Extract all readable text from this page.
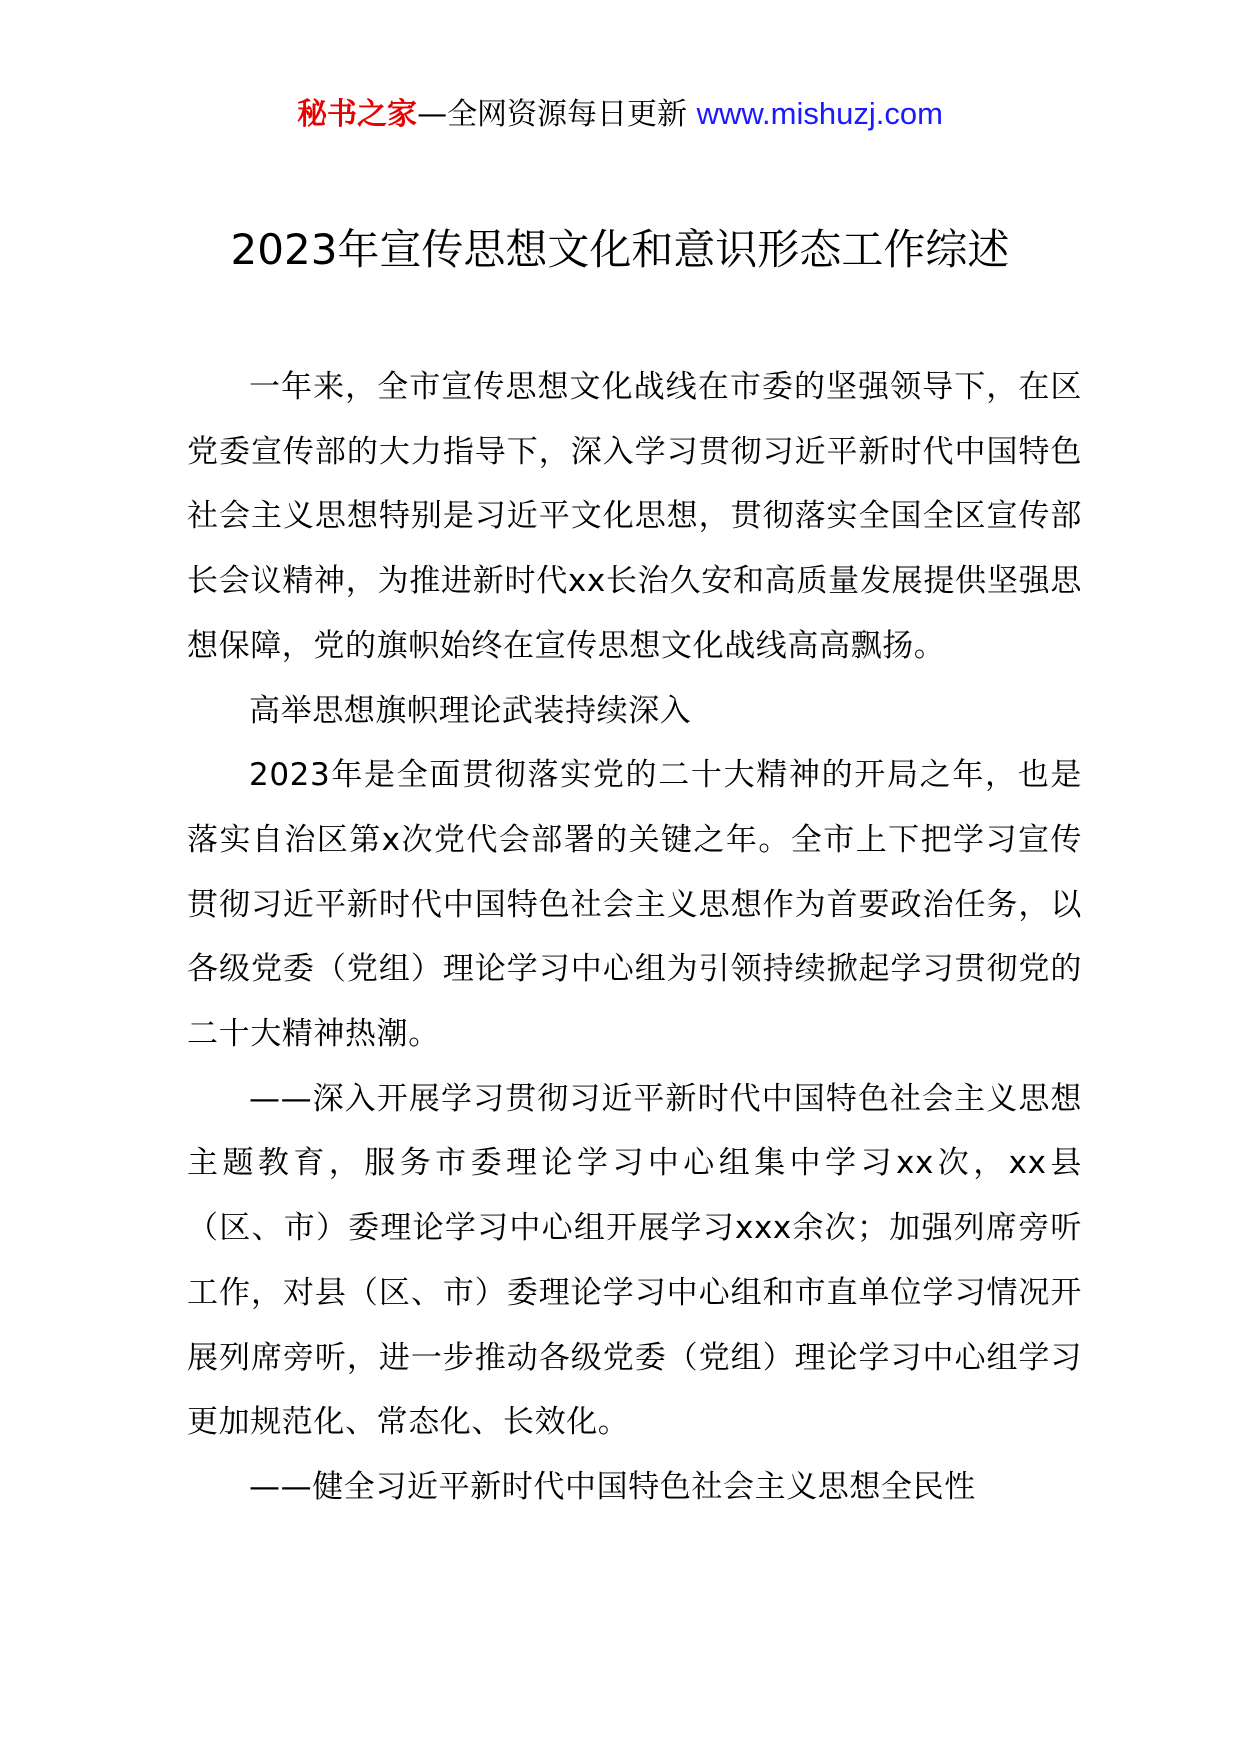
秘书之家—全网资源每日更新 www.mishuzj.com
2023年宣传思想文化和意识形态工作综述

一年来，全市宣传思想文化战线在市委的坚强领导下，在区党委宣传部的大力指导下，深入学习贯彻习近平新时代中国特色社会主义思想特别是习近平文化思想，贯彻落实全国全区宣传部长会议精神，为推进新时代xx长治久安和高质量发展提供坚强思想保障，党的旗帜始终在宣传思想文化战线高高飘扬。

高举思想旗帜理论武装持续深入

2023年是全面贯彻落实党的二十大精神的开局之年，也是落实自治区第x次党代会部署的关键之年。全市上下把学习宣传贯彻习近平新时代中国特色社会主义思想作为首要政治任务，以各级党委（党组）理论学习中心组为引领持续掀起学习贯彻党的二十大精神热潮。

——深入开展学习贯彻习近平新时代中国特色社会主义思想主题教育，服务市委理论学习中心组集中学习xx次，xx县（区、市）委理论学习中心组开展学习xxx余次；加强列席旁听工作，对县（区、市）委理论学习中心组和市直单位学习情况开展列席旁听，进一步推动各级党委（党组）理论学习中心组学习更加规范化、常态化、长效化。

——健全习近平新时代中国特色社会主义思想全民性
